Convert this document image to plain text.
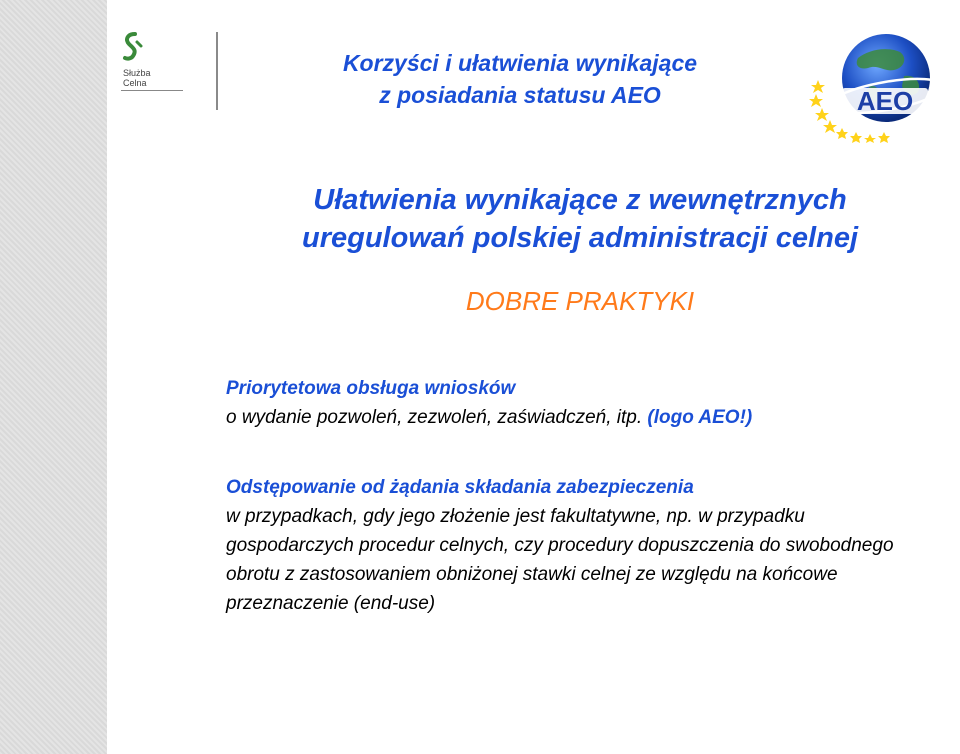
Służba
Celna
Korzyści i ułatwienia wynikające
z posiadania statusu AEO	AEO
Ułatwienia wynikające z wewnętrznych
uregulowań polskiej administracji celnej
DOBRE PRAKTYKI
Priorytetowa obsługa wniosków
o wydanie pozwoleń, zezwoleń, zaświadczeń, itp. (logo AEO!)
Odstępowanie od żądania składania zabezpieczenia
w przypadkach, gdy jego złożenie jest fakultatywne, np. w przypadku gospodarczych procedur celnych, czy procedury dopuszczenia do swobodnego obrotu z zastosowaniem obniżonej stawki celnej ze względu na końcowe przeznaczenie (end-use)
